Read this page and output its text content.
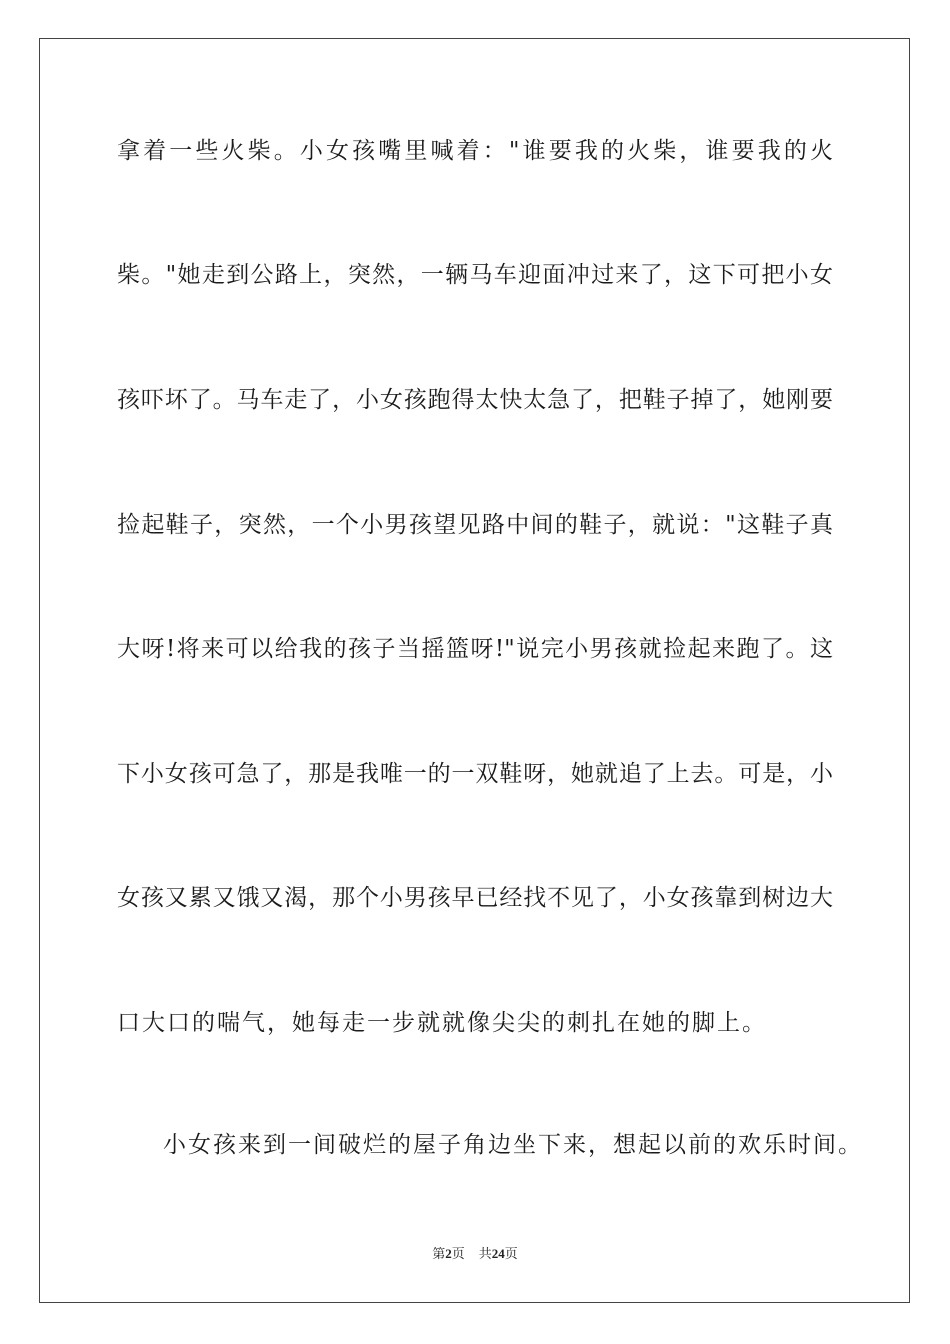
拿着一些火柴。小女孩嘴里喊着："谁要我的火柴，谁要我的火
柴。"她走到公路上，突然，一辆马车迎面冲过来了，这下可把小女
孩吓坏了。马车走了，小女孩跑得太快太急了，把鞋子掉了，她刚要
捡起鞋子，突然，一个小男孩望见路中间的鞋子，就说："这鞋子真
大呀!将来可以给我的孩子当摇篮呀!"说完小男孩就捡起来跑了。这
下小女孩可急了，那是我唯一的一双鞋呀，她就追了上去。可是，小
女孩又累又饿又渴，那个小男孩早已经找不见了，小女孩靠到树边大
口大口的喘气，她每走一步就就像尖尖的刺扎在她的脚上。
小女孩来到一间破烂的屋子角边坐下来，想起以前的欢乐时间。
第2页 共24页
